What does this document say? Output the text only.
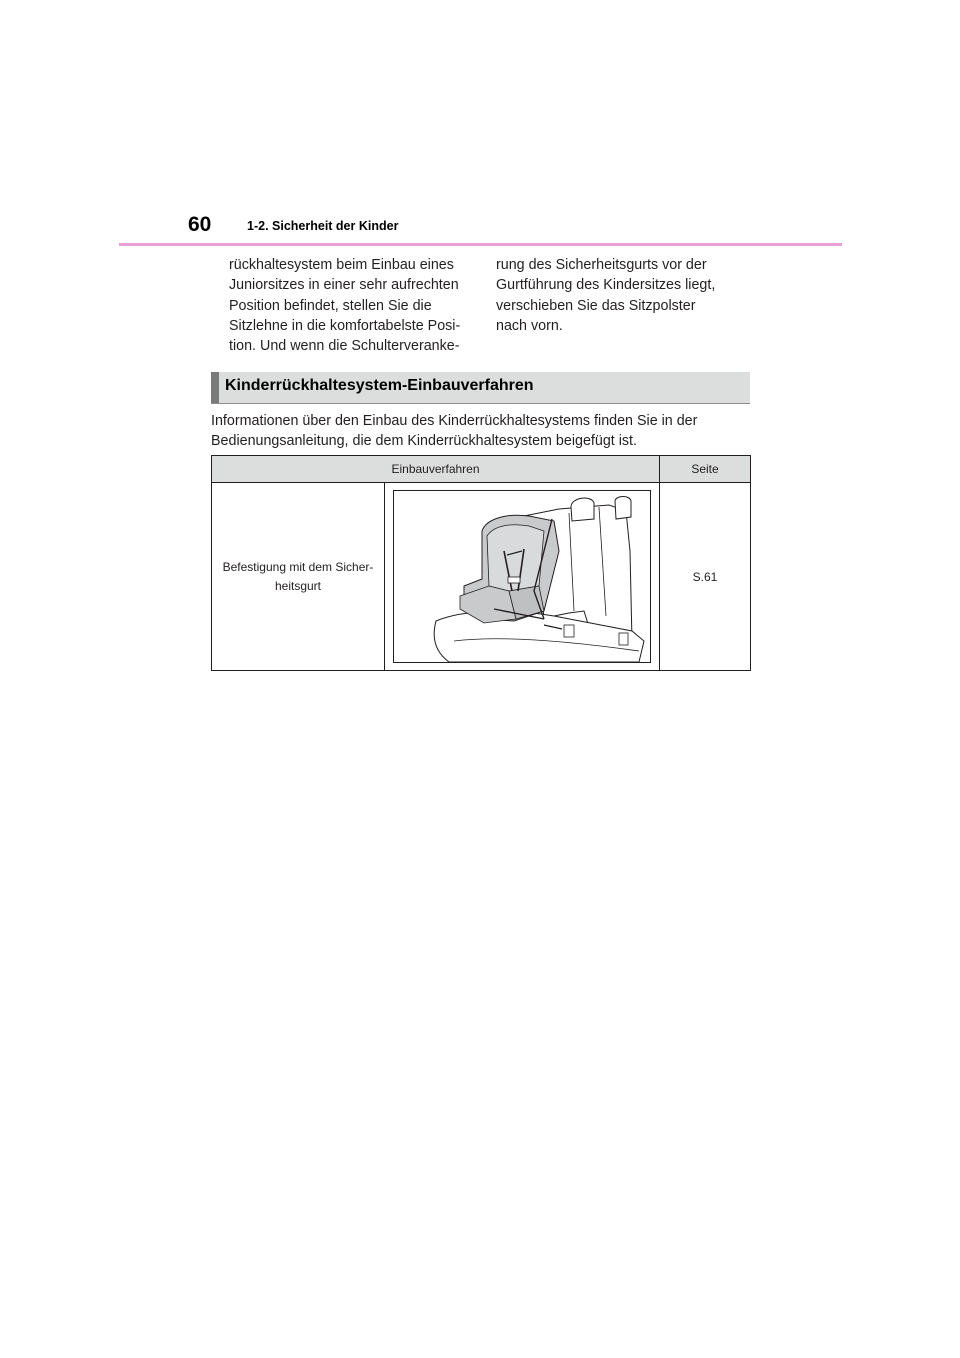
60	1-2. Sicherheit der Kinder

rückhaltesystem beim Einbau eines

Juniorsitzes in einer sehr aufrechten

Position befindet, stellen Sie die

Sitzlehne in die komfortabelste Posi-

tion. Und wenn die Schulterveranke-

rung des Sicherheitsgurts vor der

Gurtführung des Kindersitzes liegt,

verschieben Sie das Sitzpolster

nach vorn.

Kinderrückhaltesystem-Einbauverfahren

Informationen über den Einbau des Kinderrückhaltesystems finden Sie in der

Bedienungsanleitung, die dem Kinderrückhaltesystem beigefügt ist.

Einbauverfahren		Seite

Befestigung mit dem Sicher-
heitsgurt		S.61
